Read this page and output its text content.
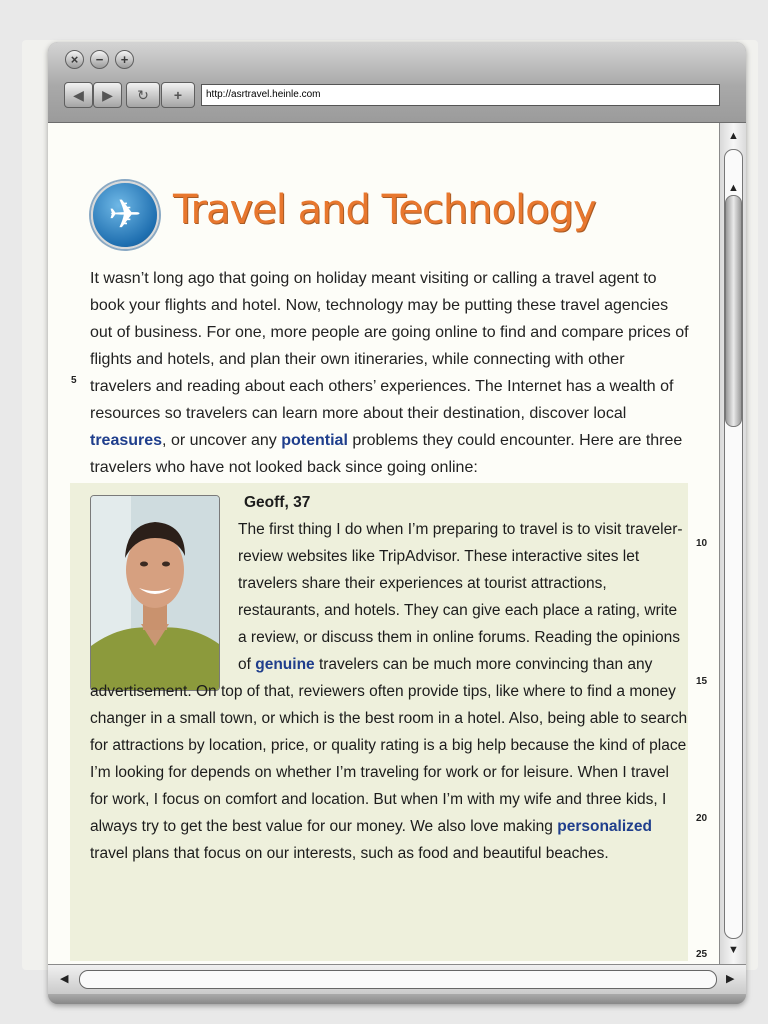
×	−	+
◀	▶	↻	+	http://asrtravel.heinle.com
✈ Travel and Technology

It wasn’t long ago that going on holiday meant visiting or calling a travel agent to book your flights and hotel. Now, technology may be putting these travel agencies out of business. For one, more people are going online to find and compare prices of flights and hotels, and plan their own itineraries, while connecting with other travelers and reading about each others’ experiences. The Internet has a wealth of resources so travelers can learn more about their destination, discover local treasures, or uncover any potential problems they could encounter. Here are three travelers who have not looked back since going online:

5
Geoff, 37
The first thing I do when I’m preparing to travel is to visit traveler-review websites like TripAdvisor. These interactive sites let travelers share their experiences at tourist attractions, restaurants, and hotels. They can give each place a rating, write a review, or discuss them in online forums. Reading the opinions of genuine travelers can be much more convincing than any advertisement. On top of that, reviewers often provide tips, like where to find a money changer in a small town, or which is the best room in a hotel. Also, being able to search for attractions by location, price, or quality rating is a big help because the kind of place I’m looking for depends on whether I’m traveling for work or for leisure. When I travel for work, I focus on comfort and location. But when I’m with my wife and three kids, I always try to get the best value for our money. We also love making personalized travel plans that focus on our interests, such as food and beautiful beaches.
10
15
20
25
▲
▲
▼
◀	▶
